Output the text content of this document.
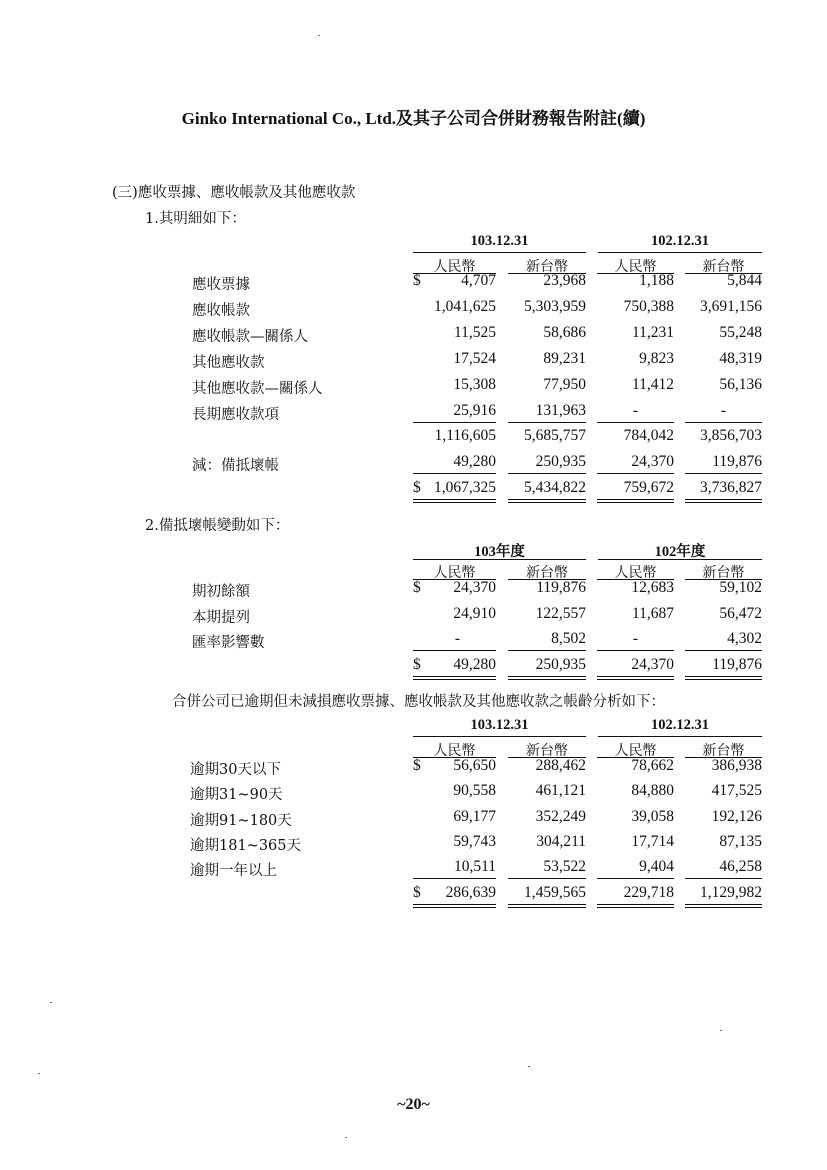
Ginko International Co., Ltd.及其子公司合併財務報告附註(續)
(三)應收票據、應收帳款及其他應收款
1.其明細如下：
103.12.31	102.12.31
人民幣	新台幣	人民幣	新台幣
應收票據	$	4,707	23,968	1,188	5,844
應收帳款	1,041,625	5,303,959	750,388	3,691,156
應收帳款—關係人	11,525	58,686	11,231	55,248
其他應收款	17,524	89,231	9,823	48,319
其他應收款—關係人	15,308	77,950	11,412	56,136
長期應收款項	25,916	131,963	-	-
1,116,605	5,685,757	784,042	3,856,703
減：備抵壞帳	49,280	250,935	24,370	119,876
$ 1,067,325	5,434,822	759,672	3,736,827
2.備抵壞帳變動如下：
103年度	102年度
人民幣	新台幣	人民幣	新台幣
期初餘額	$	24,370	119,876	12,683	59,102
本期提列	24,910	122,557	11,687	56,472
匯率影響數	-	8,502	-	4,302
$	49,280	250,935	24,370	119,876
合併公司已逾期但未減損應收票據、應收帳款及其他應收款之帳齡分析如下：
103.12.31	102.12.31
人民幣	新台幣	人民幣	新台幣
逾期30天以下	$	56,650	288,462	78,662	386,938
逾期31~90天	90,558	461,121	84,880	417,525
逾期91~180天	69,177	352,249	39,058	192,126
逾期181~365天	59,743	304,211	17,714	87,135
逾期一年以上	10,511	53,522	9,404	46,258
$	286,639	1,459,565	229,718	1,129,982
~20~
